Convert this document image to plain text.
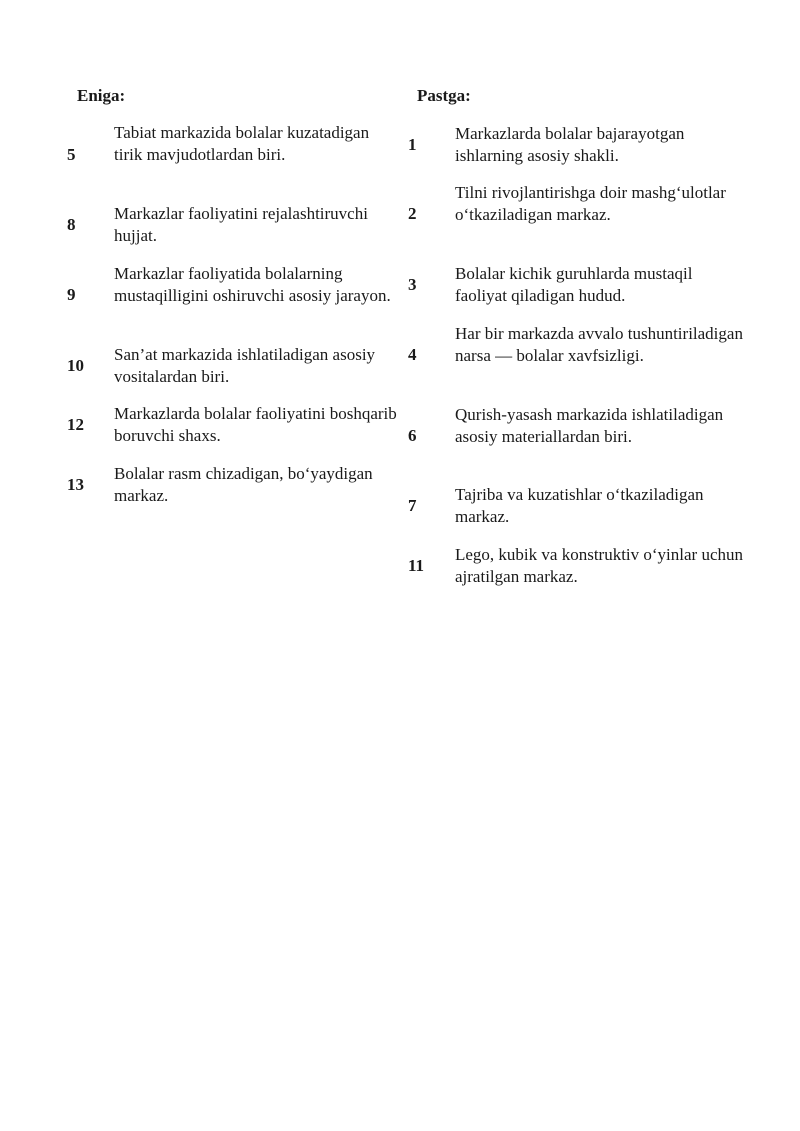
Eniga:
5
Tabiat markazida bolalar kuzatadigan tirik mavjudotlardan biri.
8
Markazlar faoliyatini rejalashtiruvchi hujjat.
9
Markazlar faoliyatida bolalarning mustaqilligini oshiruvchi asosiy jarayon.
10
San’at markazida ishlatiladigan asosiy vositalardan biri.
12
Markazlarda bolalar faoliyatini boshqarib boruvchi shaxs.
13
Bolalar rasm chizadigan, bo‘yaydigan markaz.
Pastga:
1
Markazlarda bolalar bajarayotgan ishlarning asosiy shakli.
2
Tilni rivojlantirishga doir mashg‘ulotlar o‘tkaziladigan markaz.
3
Bolalar kichik guruhlarda mustaqil faoliyat qiladigan hudud.
4
Har bir markazda avvalo tushuntiriladigan narsa — bolalar xavfsizligi.
6
Qurish-yasash markazida ishlatiladigan asosiy materiallardan biri.
7
Tajriba va kuzatishlar o‘tkaziladigan markaz.
11
Lego, kubik va konstruktiv o‘yinlar uchun ajratilgan markaz.
